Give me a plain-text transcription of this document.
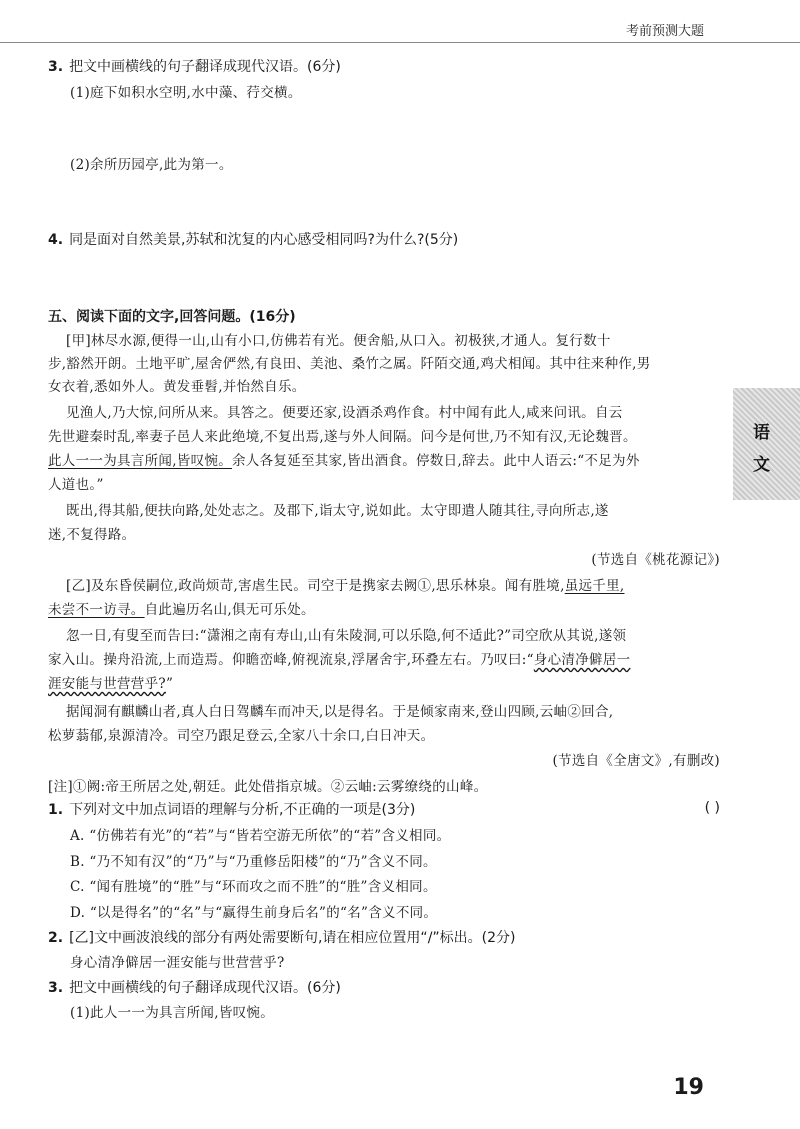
考前预测大题
语
文
3. 把文中画横线的句子翻译成现代汉语。(6分)
(1)庭下如积水空明,水中藻、荇交横。
(2)余所历园亭,此为第一。
4. 同是面对自然美景,苏轼和沈复的内心感受相同吗?为什么?(5分)
五、阅读下面的文字,回答问题。(16分)
[甲]林尽水源,便得一山,山有小口,仿佛若有光。便舍船,从口入。初极狭,才通人。复行数十
步,豁然开朗。土地平旷,屋舍俨然,有良田、美池、桑竹之属。阡陌交通,鸡犬相闻。其中往来种作,男
女衣着,悉如外人。黄发垂髫,并怡然自乐。
见渔人,乃大惊,问所从来。具答之。便要还家,设酒杀鸡作食。村中闻有此人,咸来问讯。自云
先世避秦时乱,率妻子邑人来此绝境,不复出焉,遂与外人间隔。问今是何世,乃不知有汉,无论魏晋。
此人一一为具言所闻,皆叹惋。余人各复延至其家,皆出酒食。停数日,辞去。此中人语云:“不足为外
人道也。”
既出,得其船,便扶向路,处处志之。及郡下,诣太守,说如此。太守即遣人随其往,寻向所志,遂
迷,不复得路。
(节选自《桃花源记》)
[乙]及东昏侯嗣位,政尚烦苛,害虐生民。司空于是携家去阙①,思乐林泉。闻有胜境,虽远千里,
未尝不一访寻。自此遍历名山,俱无可乐处。
忽一日,有叟至而告曰:“潇湘之南有寿山,山有朱陵洞,可以乐隐,何不适此?”司空欣从其说,遂领
家入山。操舟沿流,上而造焉。仰瞻峦峰,俯视流泉,浮屠舍宇,环叠左右。乃叹曰:“身心清净僻居一
涯安能与世营营乎?”
据闻洞有麒麟山者,真人白日驾麟车而冲天,以是得名。于是倾家南来,登山四顾,云岫②回合,
松萝蓊郁,泉源清冷。司空乃跟足登云,全家八十余口,白日冲天。
(节选自《全唐文》,有删改)
[注]①阙:帝王所居之处,朝廷。此处借指京城。②云岫:云雾缭绕的山峰。
1. 下列对文中加点词语的理解与分析,不正确的一项是(3分)	( )
A. “仿佛若有光”的“若”与“皆若空游无所依”的“若”含义相同。
B. “乃不知有汉”的“乃”与“乃重修岳阳楼”的“乃”含义不同。
C. “闻有胜境”的“胜”与“环而攻之而不胜”的“胜”含义相同。
D. “以是得名”的“名”与“赢得生前身后名”的“名”含义不同。
2. [乙]文中画波浪线的部分有两处需要断句,请在相应位置用“/”标出。(2分)
身心清净僻居一涯安能与世营营乎?
3. 把文中画横线的句子翻译成现代汉语。(6分)
(1)此人一一为具言所闻,皆叹惋。
19
